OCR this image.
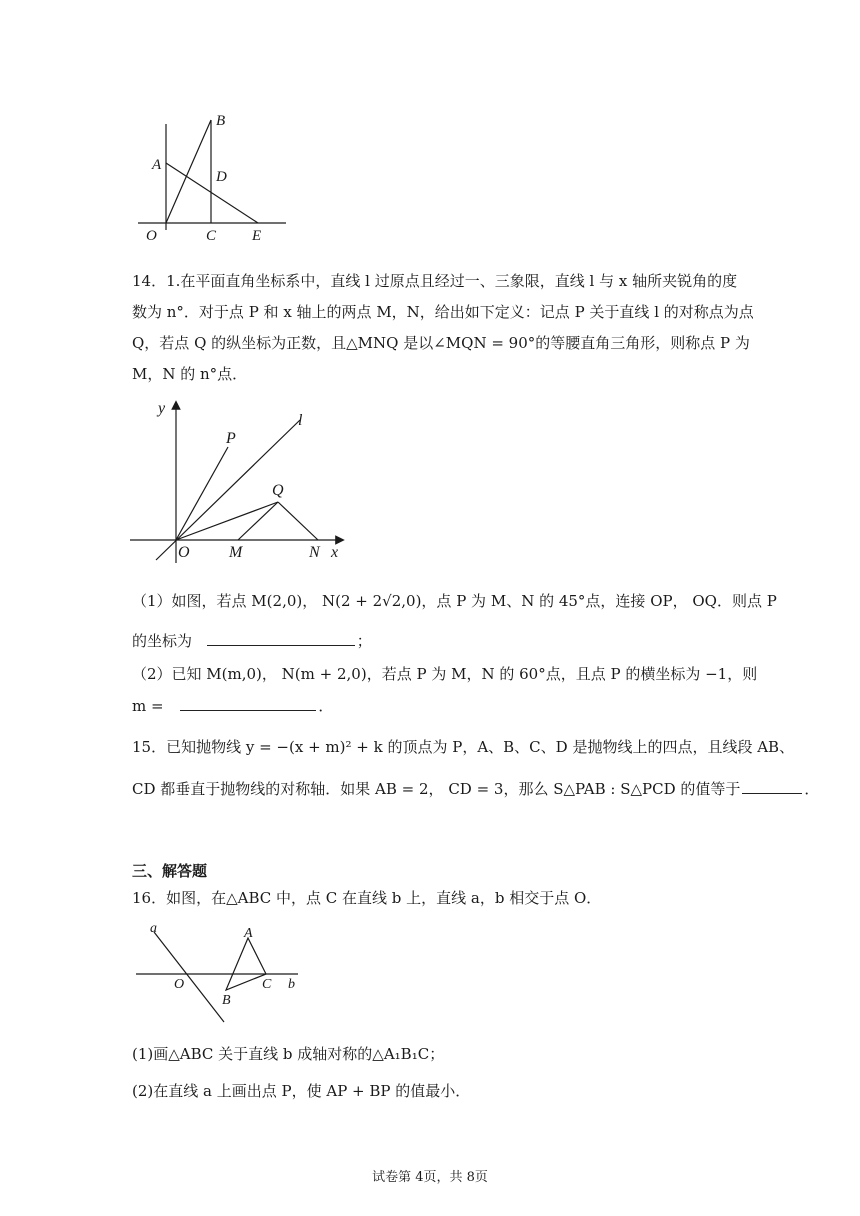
B
A
D
O	C E
14．1.在平面直角坐标系中，直线 l 过原点且经过一、三象限，直线 l 与 x 轴所夹锐角的度
数为 n°．对于点 P 和 x 轴上的两点 M，N，给出如下定义：记点 P 关于直线 l 的对称点为点
Q，若点 Q 的纵坐标为正数，且△MNQ 是以∠MQN = 90°的等腰直角三角形，则称点 P 为
M，N 的 n°点．
y
l
P
Q
O M	N x
（1）如图，若点 M(2,0)， N(2 + 2√2,0)，点 P 为 M、N 的 45°点，连接 OP， OQ．则点 P
的坐标为	；
（2）已知 M(m,0)， N(m + 2,0)，若点 P 为 M，N 的 60°点，且点 P 的横坐标为 −1，则
m =	．
15．已知抛物线 y = −(x + m)² + k 的顶点为 P，A、B、C、D 是抛物线上的四点，且线段 AB、
CD 都垂直于抛物线的对称轴．如果 AB = 2， CD = 3，那么 S△PAB : S△PCD 的值等于	．
三、解答题
16．如图，在△ABC 中，点 C 在直线 b 上，直线 a，b 相交于点 O．
a	A
O	C b
B
(1)画△ABC 关于直线 b 成轴对称的△A₁B₁C；
(2)在直线 a 上画出点 P，使 AP + BP 的值最小．
试卷第 4页，共 8页
